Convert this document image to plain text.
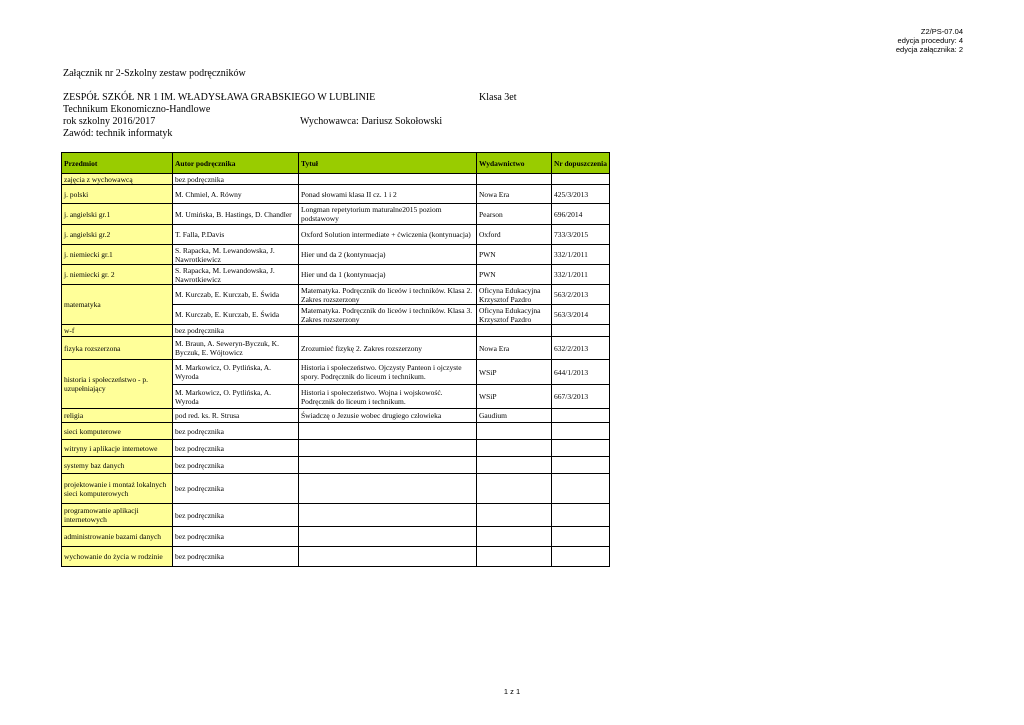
Z2/PS-07.04
edycja procedury: 4
edycja załącznika: 2
Załącznik nr 2-Szkolny zestaw podręczników
ZESPÓŁ SZKÓŁ NR 1 IM. WŁADYSŁAWA GRABSKIEGO W LUBLINIE	Klasa 3et
Technikum Ekonomiczno-Handlowe
rok szkolny 2016/2017	Wychowawca: Dariusz Sokołowski
Zawód: technik informatyk
Przedmiot	Autor podręcznika	Tytuł	Wydawnictwo	Nr dopuszczenia
zajęcia z wychowawcą	bez podręcznika			
j. polski	M. Chmiel, A. Równy	Ponad słowami klasa II cz. 1 i 2	Nowa Era	425/3/2013
j. angielski gr.1	M. Umińska, B. Hastings, D. Chandler	Longman repetytorium maturalne2015 poziom podstawowy	Pearson	696/2014
j. angielski gr.2	T. Falla, P.Davis	Oxford Solution intermediate + ćwiczenia (kontynuacja)	Oxford	733/3/2015
j. niemiecki gr.1	S. Rapacka, M. Lewandowska, J. Nawrotkiewicz	Hier und da 2 (kontynuacja)	PWN	332/1/2011
j. niemiecki gr. 2	S. Rapacka, M. Lewandowska, J. Nawrotkiewicz	Hier und da 1 (kontynuacja)	PWN	332/1/2011
matematyka	M. Kurczab, E. Kurczab, E. Świda	Matematyka. Podręcznik do liceów i techników. Klasa 2. Zakres rozszerzony	Oficyna Edukacyjna Krzysztof Pazdro	563/2/2013
	M. Kurczab, E. Kurczab, E. Świda	Matematyka. Podręcznik do liceów i techników. Klasa 3. Zakres rozszerzony	Oficyna Edukacyjna Krzysztof Pazdro	563/3/2014
w-f	bez podręcznika			
fizyka rozszerzona	M. Braun, A. Seweryn-Byczuk, K. Byczuk, E. Wójtowicz	Zrozumieć fizykę 2. Zakres rozszerzony	Nowa Era	632/2/2013
historia i społeczeństwo - p. uzupełniający	M. Markowicz, O. Pytlińska, A. Wyroda	Historia i społeczeństwo. Ojczysty Panteon i ojczyste spory. Podręcznik do liceum i technikum.	WSiP	644/1/2013
	M. Markowicz, O. Pytlińska, A. Wyroda	Historia i społeczeństwo. Wojna i wojskowość. Podręcznik do liceum i technikum.	WSiP	667/3/2013
religia	pod red. ks. R. Strusa	Świadczę o Jezusie wobec drugiego człowieka	Gaudium	
sieci komputerowe	bez podręcznika			
witryny i aplikacje internetowe	bez podręcznika			
systemy baz danych	bez podręcznika			
projektowanie i montaż lokalnych sieci komputerowych	bez podręcznika			
programowanie aplikacji internetowych	bez podręcznika			
administrowanie bazami danych	bez podręcznika			
wychowanie do życia w rodzinie	bez podręcznika			
1 z 1
